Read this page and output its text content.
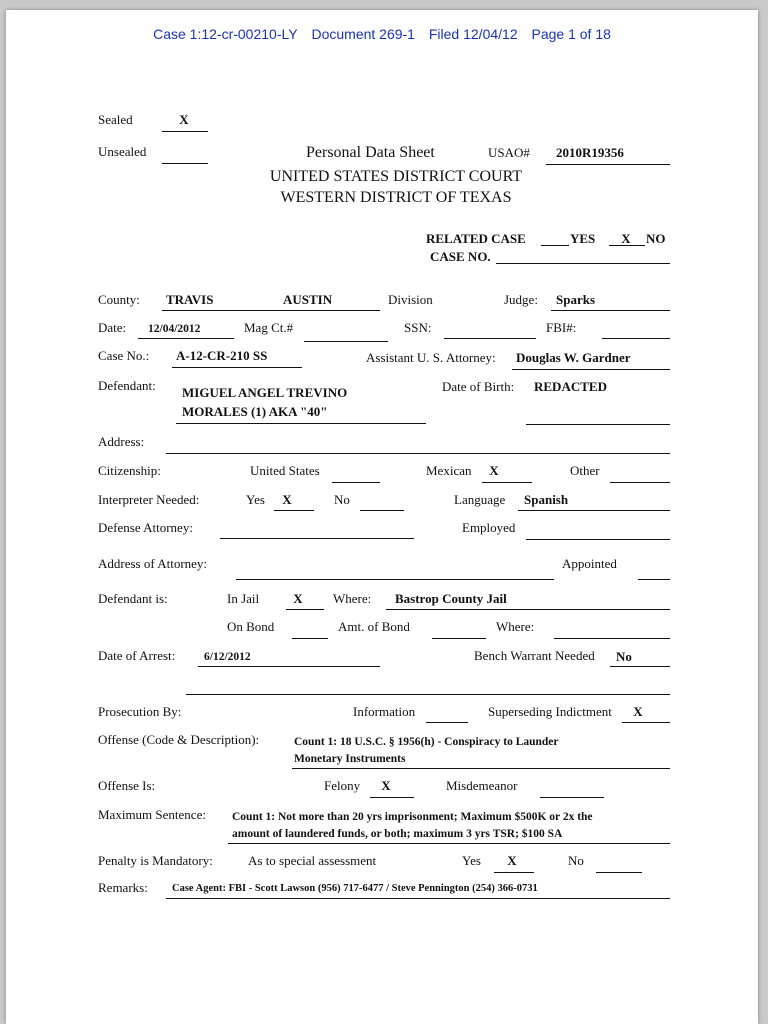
Case 1:12-cr-00210-LY Document 269-1 Filed 12/04/12 Page 1 of 18
Sealed	X
Unsealed	Personal Data Sheet	USAO# 2010R19356
UNITED STATES DISTRICT COURT
WESTERN DISTRICT OF TEXAS
RELATED CASE	YES	X	NO
CASE NO.
County: TRAVIS	AUSTIN	Division	Judge: Sparks
Date: 12/04/2012	Mag Ct.#	SSN:	FBI#:
Case No.: A-12-CR-210 SS	Assistant U. S. Attorney: Douglas W. Gardner
Defendant: MIGUEL ANGEL TREVINO
MORALES (1) AKA "40"
Date of Birth: REDACTED
Address:
Citizenship:	United States	Mexican	X	Other
Interpreter Needed:	Yes	X	No	Language Spanish
Defense Attorney:	Employed
Address of Attorney:	Appointed
Defendant is:	In Jail	X	Where: Bastrop County Jail
On Bond	Amt. of Bond	Where:
Date of Arrest: 6/12/2012	Bench Warrant Needed No
Prosecution By:	Information	Superseding Indictment	X
Offense (Code & Description):	Count 1: 18 U.S.C. § 1956(h) - Conspiracy to Launder
Monetary Instruments
Offense Is:	Felony	X	Misdemeanor
Maximum Sentence: Count 1: Not more than 20 yrs imprisonment; Maximum $500K or 2x the
amount of laundered funds, or both; maximum 3 yrs TSR; $100 SA
Penalty is Mandatory:	As to special assessment	Yes	X	No
Remarks: Case Agent: FBI - Scott Lawson (956) 717-6477 / Steve Pennington (254) 366-0731
